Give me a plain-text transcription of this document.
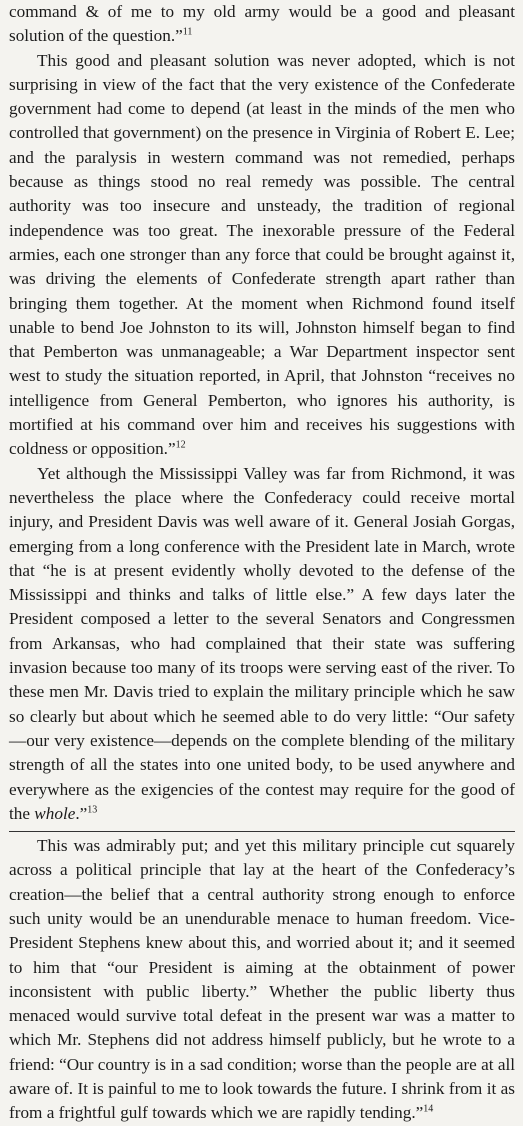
command & of me to my old army would be a good and pleasant solution of the question.”$^{11}$

This good and pleasant solution was never adopted, which is not surprising in view of the fact that the very existence of the Confederate government had come to depend (at least in the minds of the men who controlled that government) on the presence in Virginia of Robert E. Lee; and the paralysis in western command was not remedied, perhaps because as things stood no real remedy was possible. The central authority was too insecure and unsteady, the tradition of regional independence was too great. The inexorable pressure of the Federal armies, each one stronger than any force that could be brought against it, was driving the elements of Confederate strength apart rather than bringing them together. At the moment when Richmond found itself unable to bend Joe Johnston to its will, Johnston himself began to find that Pemberton was unmanageable; a War Department inspector sent west to study the situation reported, in April, that Johnston “receives no intelligence from General Pemberton, who ignores his authority, is mortified at his command over him and receives his suggestions with coldness or opposition.”$^{12}$

Yet although the Mississippi Valley was far from Richmond, it was nevertheless the place where the Confederacy could receive mortal injury, and President Davis was well aware of it. General Josiah Gorgas, emerging from a long conference with the President late in March, wrote that “he is at present evidently wholly devoted to the defense of the Mississippi and thinks and talks of little else.” A few days later the President composed a letter to the several Senators and Congressmen from Arkansas, who had complained that their state was suffering invasion because too many of its troops were serving east of the river. To these men Mr. Davis tried to explain the military principle which he saw so clearly but about which he seemed able to do very little: “Our safety—our very existence—depends on the complete blending of the military strength of all the states into one united body, to be used anywhere and everywhere as the exigencies of the contest may require for the good of the whole.”$^{13}$

This was admirably put; and yet this military principle cut squarely across a political principle that lay at the heart of the Confederacy’s creation—the belief that a central authority strong enough to enforce such unity would be an unendurable menace to human freedom. Vice-President Stephens knew about this, and worried about it; and it seemed to him that “our President is aiming at the obtainment of power inconsistent with public liberty.” Whether the public liberty thus menaced would survive total defeat in the present war was a matter to which Mr. Stephens did not address himself publicly, but he wrote to a friend: “Our country is in a sad condition; worse than the people are at all aware of. It is painful to me to look towards the future. I shrink from it as from a frightful gulf towards which we are rapidly tending.”$^{14}$
